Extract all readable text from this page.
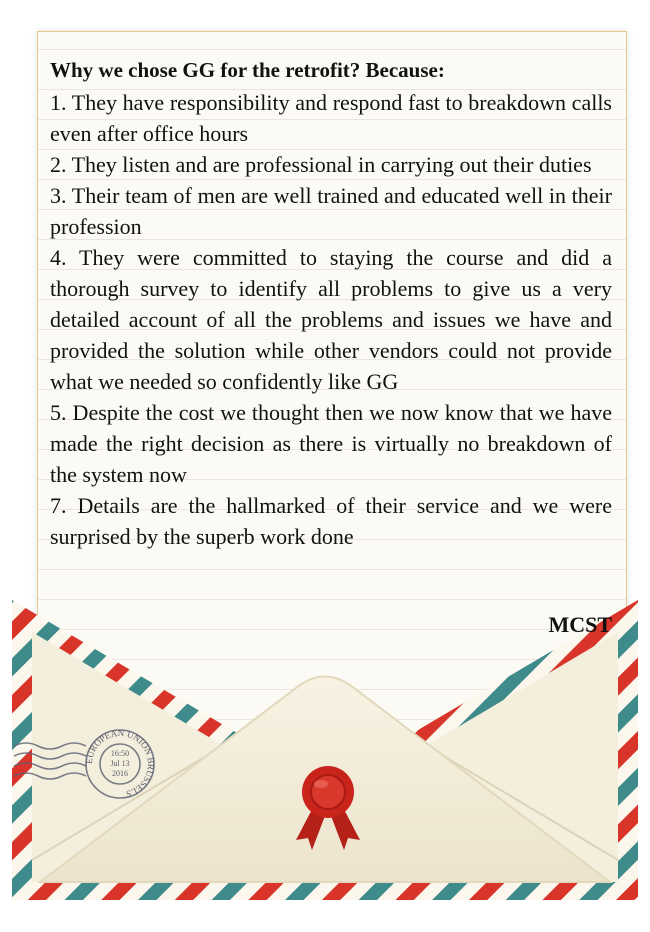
Why we chose GG for the retrofit? Because:

1. They have responsibility and respond fast to breakdown calls even after office hours

2. They listen and are professional in carrying out their duties

3. Their team of men are well trained and educated well in their profession

4. They were committed to staying the course and did a thorough survey to identify all problems to give us a very detailed account of all the problems and issues we have and provided the solution while other vendors could not provide what we needed so confidently like GG

5. Despite the cost we thought then we now know that we have made the right decision as there is virtually no breakdown of the system now

7. Details are the hallmarked of their service and we were surprised by the superb work done

EUROPEAN UNION BRUSSELS
16:50
Jul 13
2016
MCST
